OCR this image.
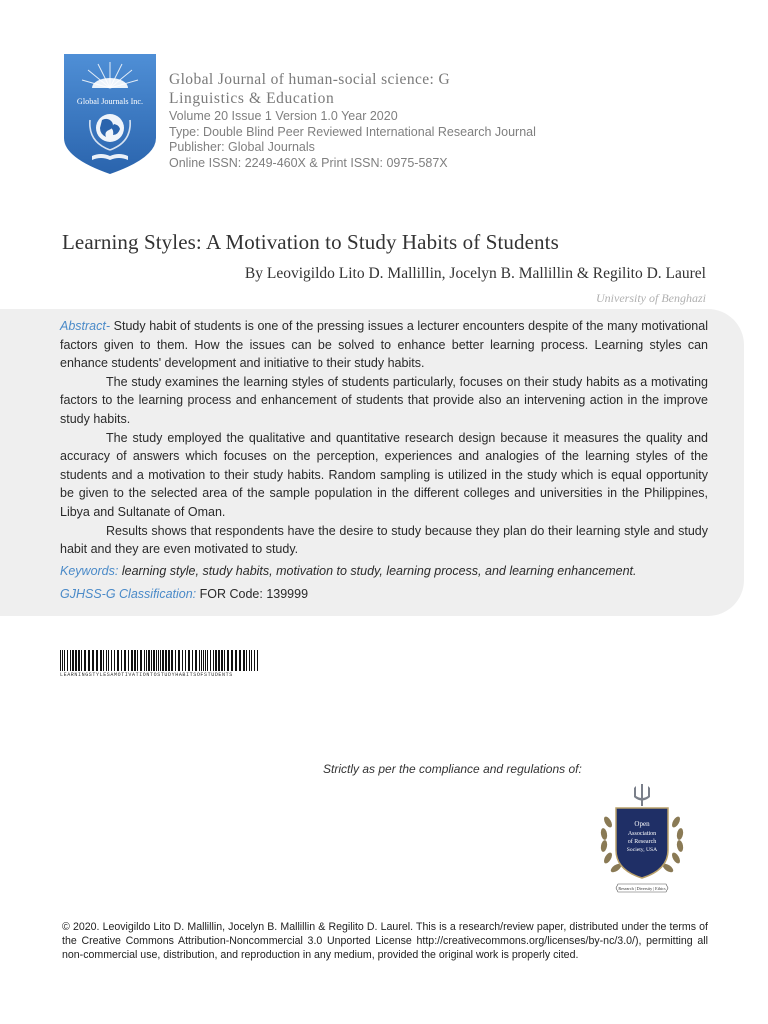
Global Journals Inc.
Global Journal of human-social science: G
Linguistics & Education
Volume 20 Issue 1 Version 1.0 Year 2020
Type: Double Blind Peer Reviewed International Research Journal
Publisher: Global Journals
Online ISSN: 2249-460X & Print ISSN: 0975-587X
Learning Styles: A Motivation to Study Habits of Students

By Leovigildo Lito D. Mallillin, Jocelyn B. Mallillin & Regilito D. Laurel

University of Benghazi

Abstract- Study habit of students is one of the pressing issues a lecturer encounters despite of the many motivational factors given to them. How the issues can be solved to enhance better learning process. Learning styles can enhance students' development and initiative to their study habits.

The study examines the learning styles of students particularly, focuses on their study habits as a motivating factors to the learning process and enhancement of students that provide also an intervening action in the improve study habits.

The study employed the qualitative and quantitative research design because it measures the quality and accuracy of answers which focuses on the perception, experiences and analogies of the learning styles of the students and a motivation to their study habits. Random sampling is utilized in the study which is equal opportunity be given to the selected area of the sample population in the different colleges and universities in the Philippines, Libya and Sultanate of Oman.

Results shows that respondents have the desire to study because they plan do their learning style and study habit and they are even motivated to study.

Keywords: learning style, study habits, motivation to study, learning process, and learning enhancement.

GJHSS-G Classification: FOR Code: 139999

LEARNINGSTYLESAMOTIVATIONTOSTUDYHABITSOFSTUDENTS

Strictly as per the compliance and regulations of:

Open
Association
of Research
Society, USA
Research | Diversity | Ethics

© 2020. Leovigildo Lito D. Mallillin, Jocelyn B. Mallillin & Regilito D. Laurel. This is a research/review paper, distributed under the terms of the Creative Commons Attribution-Noncommercial 3.0 Unported License http://creativecommons.org/licenses/by-nc/3.0/), permitting all non-commercial use, distribution, and reproduction in any medium, provided the original work is properly cited.
